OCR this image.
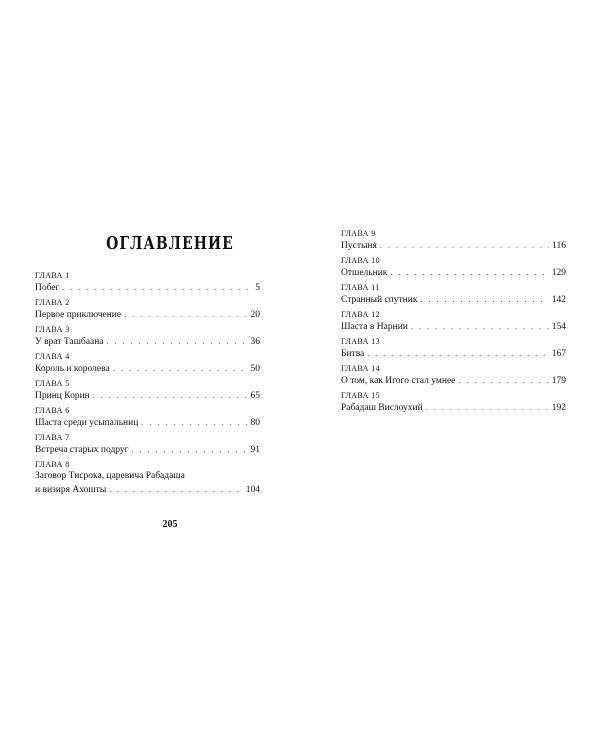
ОГЛАВЛЕНИЕ
ГЛАВА 1
Побег . . .	5
ГЛАВА 2
Первое приключение . . .	20
ГЛАВА 3
У врат Ташбаана . . .	36
ГЛАВА 4
Король и королева . . .	50
ГЛАВА 5
Принц Корин . . .	65
ГЛАВА 6
Шаста среди усыпальниц . . .	80
ГЛАВА 7
Встреча старых подруг . . .	91
ГЛАВА 8
Заговор Тисрока, царевича Рабадаша
и визиря Ахошты . . .	104
ГЛАВА 9
Пустыня . . .	116
ГЛАВА 10
Отшельник . . .	129
ГЛАВА 11
Странный спутник . . .	142
ГЛАВА 12
Шаста в Нарнии . . .	154
ГЛАВА 13
Битва . . .	167
ГЛАВА 14
О том, как Игого стал умнее . . .	179
ГЛАВА 15
Рабадаш Вислоухий . . .	192
205
